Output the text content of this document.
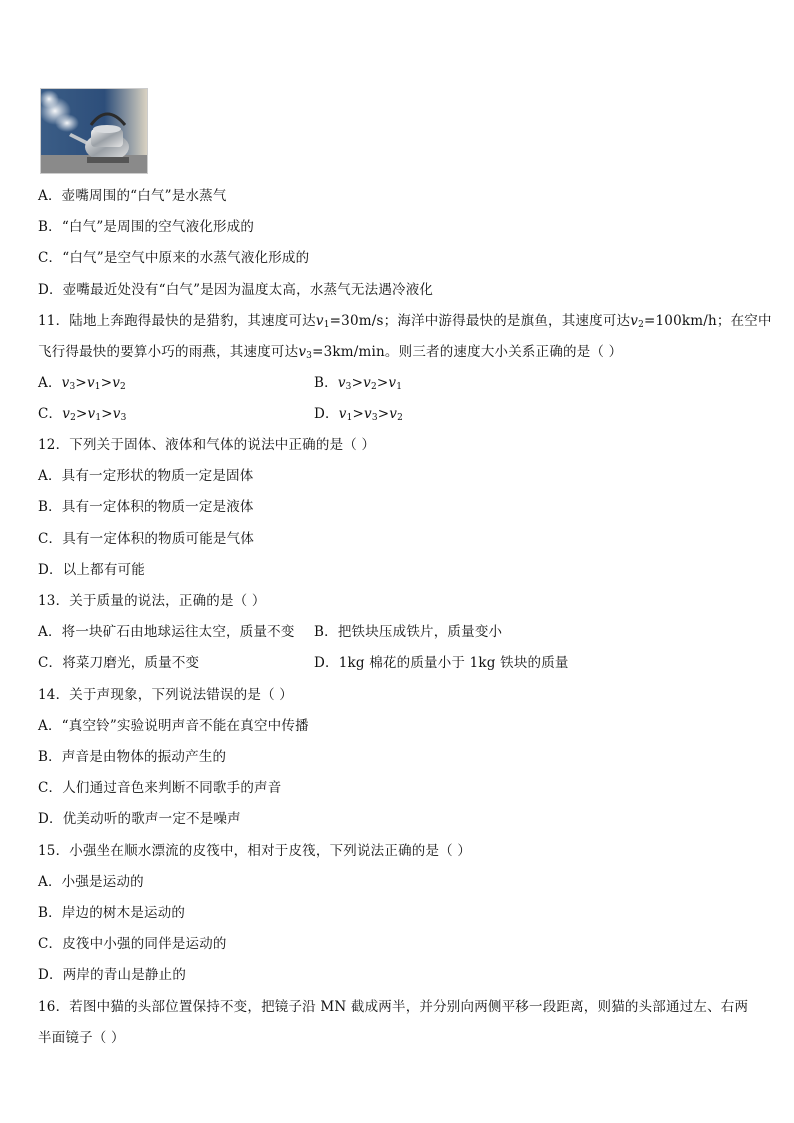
A．壶嘴周围的“白气”是水蒸气
B．“白气”是周围的空气液化形成的
C．“白气”是空气中原来的水蒸气液化形成的
D．壶嘴最近处没有“白气”是因为温度太高，水蒸气无法遇冷液化
11．陆地上奔跑得最快的是猎豹，其速度可达$v_1=30m/s$；海洋中游得最快的是旗鱼，其速度可达$v_2=100km/h$；在空中
飞行得最快的要算小巧的雨燕，其速度可达$v_3=3km/\min$。则三者的速度大小关系正确的是（ ）
A．$v_3>v_1>v_2$	B．$v_3>v_2>v_1$
C．$v_2>v_1>v_3$	D．$v_1>v_3>v_2$
12．下列关于固体、液体和气体的说法中正确的是（ ）
A．具有一定形状的物质一定是固体
B．具有一定体积的物质一定是液体
C．具有一定体积的物质可能是气体
D．以上都有可能
13．关于质量的说法，正确的是（ ）
A．将一块矿石由地球运往太空，质量不变 B．把铁块压成铁片，质量变小
C．将菜刀磨光，质量不变	D．1kg 棉花的质量小于 1kg 铁块的质量
14．关于声现象，下列说法错误的是（ ）
A．“真空铃”实验说明声音不能在真空中传播
B．声音是由物体的振动产生的
C．人们通过音色来判断不同歌手的声音
D．优美动听的歌声一定不是噪声
15．小强坐在顺水漂流的皮筏中，相对于皮筏，下列说法正确的是（ ）
A．小强是运动的
B．岸边的树木是运动的
C．皮筏中小强的同伴是运动的
D．两岸的青山是静止的
16．若图中猫的头部位置保持不变，把镜子沿 MN 截成两半，并分别向两侧平移一段距离，则猫的头部通过左、右两
半面镜子（ ）
